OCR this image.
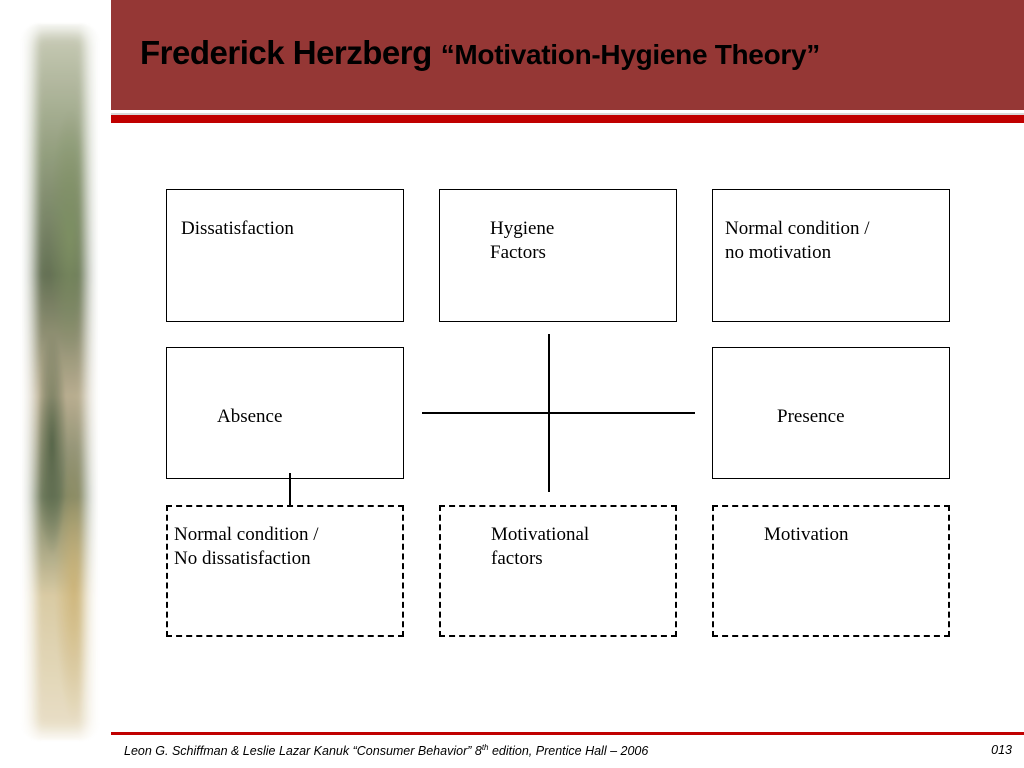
Frederick Herzberg “Motivation-Hygiene Theory”
Dissatisfaction	Hygiene
Factors
Normal condition /
no motivation
Absence	Presence
Normal condition /
No dissatisfaction
Motivational
factors
Motivation
Leon G. Schiffman & Leslie Lazar Kanuk “Consumer Behavior” 8th edition, Prentice Hall – 2006	013
